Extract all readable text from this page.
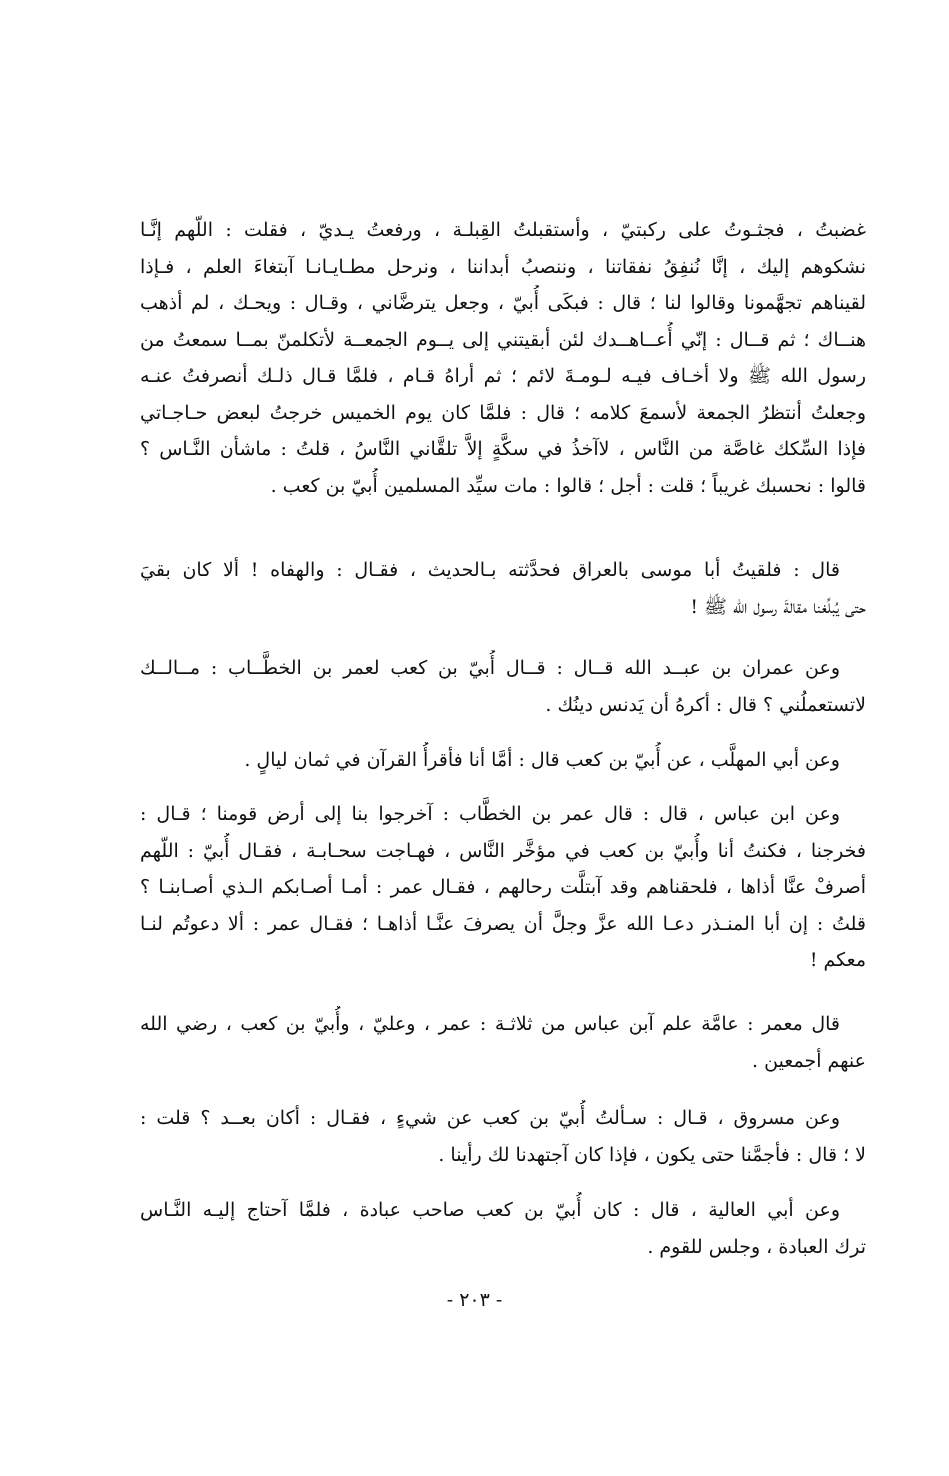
غضبتُ ، فجثـوتُ على ركبتيّ ، وأستقبلتُ القِبلـة ، ورفعتُ يـديّ ، فقلت : اللّهم إنَّـا
نشكوهم إليك ، إنَّا نُنفِقُ نفقاتنا ، وننصبُ أبداننا ، ونرحل مطـايـانـا آبتغاءَ العلم ، فـإذا
لقيناهم تجهَّمونا وقالوا لنا ؛ قال : فبكَى أُبيّ ، وجعل يترضَّاني ، وقـال : ويحـك ، لم أذهب
هنــاك ؛ ثم قــال : إنّي أُعــاهــدك لئن أبقيتني إلى يــوم الجمعــة لأتكلمنّ بمــا سمعتُ من
رسول الله ﷺ ولا أخـاف فيـه لـومـةَ لائم ؛ ثم أراهُ قـام ، فلمَّا قـال ذلـك أنصرفتُ عنـه
وجعلتُ أنتظرُ الجمعة لأسمعَ كلامه ؛ قال : فلمَّا كان يوم الخميس خرجتُ لبعض حـاجـاتي
فإذا السِّكك غاصَّة من النَّاس ، لاآخذُ في سكَّةٍ إلاَّ تلقَّاني النَّاسُ ، قلتُ : ماشأن النَّـاس ؟
قالوا : نحسبك غريباً ؛ قلت : أجل ؛ قالوا : مات سيِّد المسلمين أُبيّ بن كعب .
قال : فلقيتُ أبا موسى بالعراق فحدَّثته بـالحديث ، فقـال : والهفاه ! ألا كان بقيَ
حتى يُبلِّغنا مقالةَ رسول الله ﷺ !
وعن عمران بن عبــد الله قــال : قــال أُبيّ بن كعب لعمر بن الخطَّــاب : مــالــك
لاتستعملُني ؟ قال : أكرهُ أن يَدنس دينُك .
وعن أبي المهلَّب ، عن أُبيّ بن كعب قال : أمَّا أنا فأقرأُ القرآن في ثمان ليالٍ .
وعن ابن عباس ، قال : قال عمر بن الخطَّاب : آخرجوا بنا إلى أرض قومنا ؛ قـال :
فخرجنا ، فكنتُ أنا وأُبيّ بن كعب في مؤخَّر النَّاس ، فهـاجت سحـابـة ، فقـال أُبيّ : اللّهم
أصرفْ عنَّا أذاها ، فلحقناهم وقد آبتلَّت رحالهم ، فقـال عمر : أمـا أصـابكم الـذي أصـابنـا ؟
قلتُ : إن أبا المنـذر دعـا الله عزَّ وجلَّ أن يصرفَ عنَّـا أذاهـا ؛ فقـال عمر : ألا دعوتُم لنـا
معكم !
قال معمر : عامَّة علم آبن عباس من ثلاثـة : عمر ، وعليّ ، وأُبيّ بن كعب ، رضي الله
عنهم أجمعين .
وعن مسروق ، قـال : سـألتُ أُبيّ بن كعب عن شيءٍ ، فقـال : أكان بعــد ؟ قلت :
لا ؛ قال : فأجمَّنا حتى يكون ، فإذا كان آجتهدنا لك رأينا .
وعن أبي العالية ، قال : كان أُبيّ بن كعب صاحب عبادة ، فلمَّا آحتاج إليـه النَّـاس
ترك العبادة ، وجلس للقوم .
- ٢٠٣ -
